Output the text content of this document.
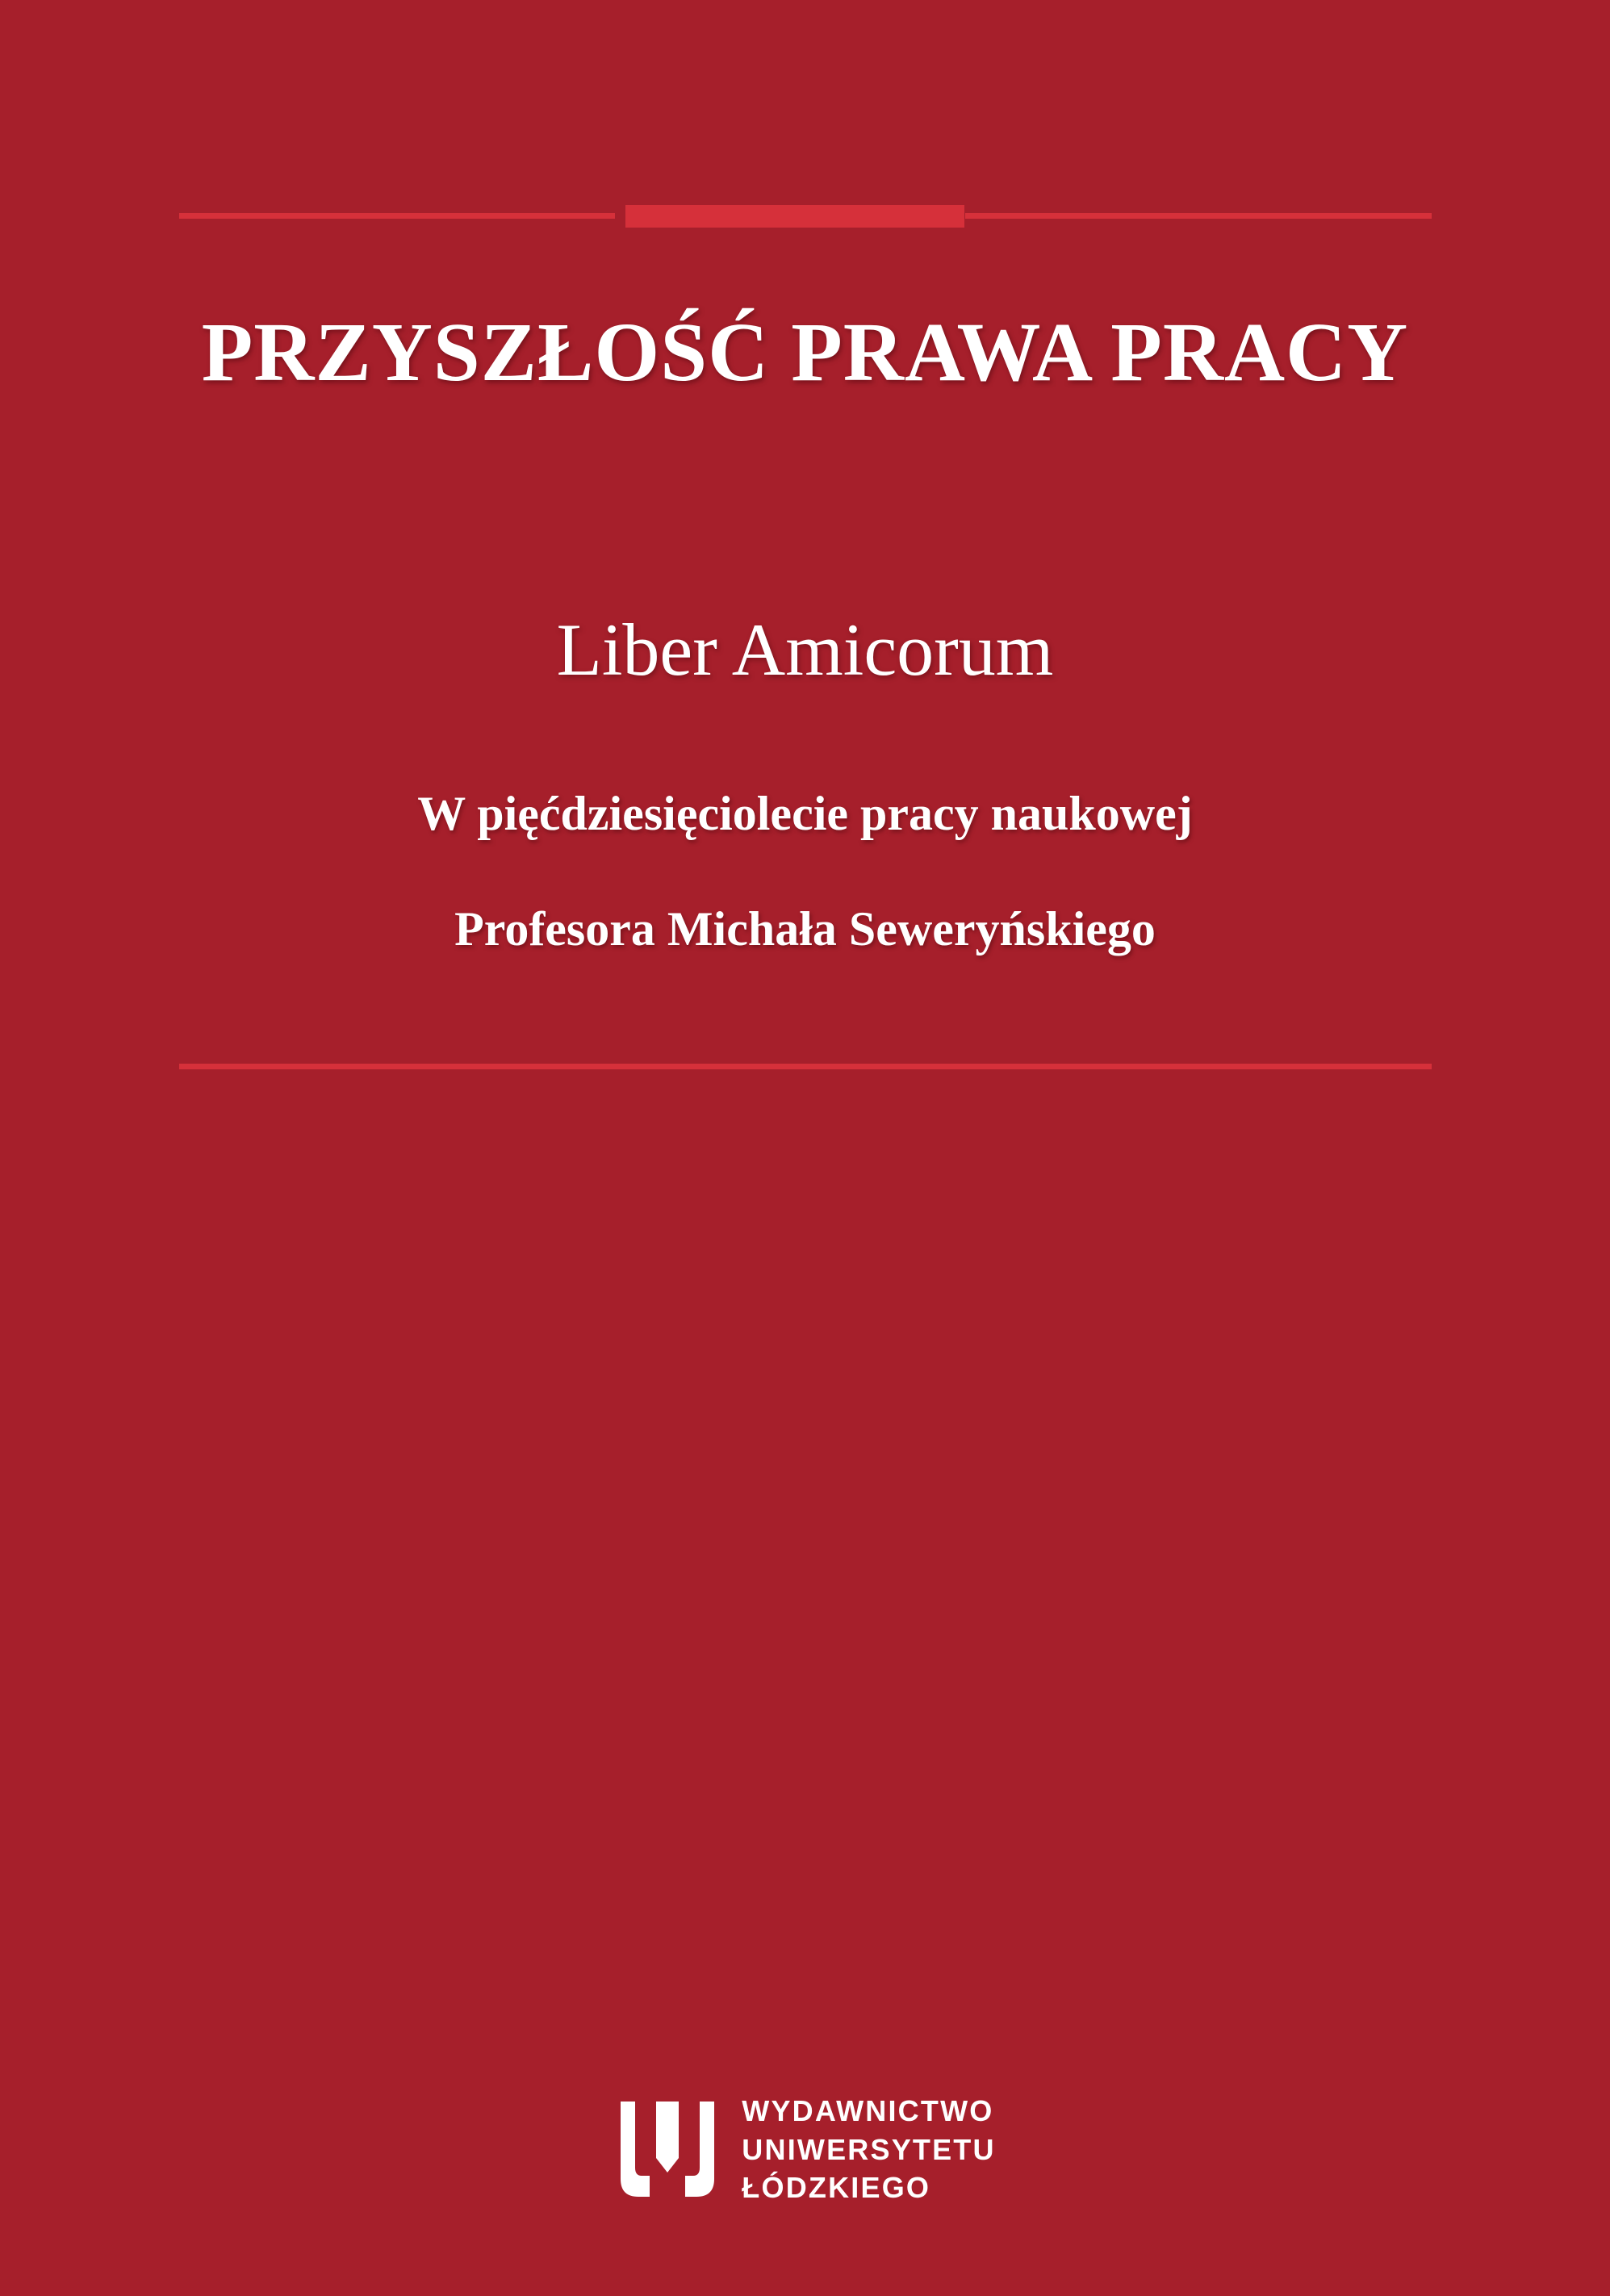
PRZYSZŁOŚĆ PRAWA PRACY
Liber Amicorum
W pięćdziesięciolecie pracy naukowej
Profesora Michała Seweryńskiego
WYDAWNICTWO
UNIWERSYTETU
ŁÓDZKIEGO
